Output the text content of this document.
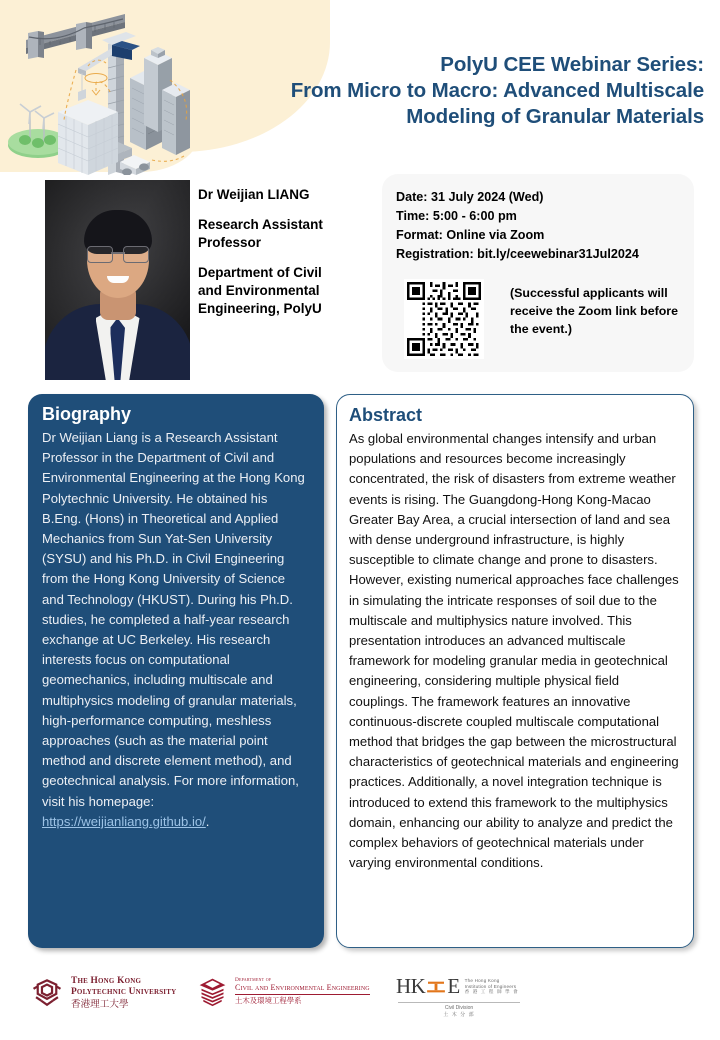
PolyU CEE Webinar Series:
From Micro to Macro: Advanced Multiscale
Modeling of Granular Materials

Dr Weijian LIANG

Research Assistant
Professor

Department of Civil
and Environmental
Engineering, PolyU

Date: 31 July 2024 (Wed)
Time: 5:00 - 6:00 pm
Format: Online via Zoom
Registration: bit.ly/ceewebinar31Jul2024
(Successful applicants will receive the Zoom link before the event.)
Biography

Dr Weijian Liang is a Research Assistant Professor in the Department of Civil and Environmental Engineering at the Hong Kong Polytechnic University. He obtained his B.Eng. (Hons) in Theoretical and Applied Mechanics from Sun Yat-Sen University (SYSU) and his Ph.D. in Civil Engineering from the Hong Kong University of Science and Technology (HKUST). During his Ph.D. studies, he completed a half-year research exchange at UC Berkeley. His research interests focus on computational geomechanics, including multiscale and multiphysics modeling of granular materials, high-performance computing, meshless approaches (such as the material point method and discrete element method), and geotechnical analysis. For more information, visit his homepage: https://weijianliang.github.io/.

Abstract

As global environmental changes intensify and urban populations and resources become increasingly concentrated, the risk of disasters from extreme weather events is rising. The Guangdong-Hong Kong-Macao Greater Bay Area, a crucial intersection of land and sea with dense underground infrastructure, is highly susceptible to climate change and prone to disasters. However, existing numerical approaches face challenges in simulating the intricate responses of soil due to the multiscale and multiphysics nature involved. This presentation introduces an advanced multiscale framework for modeling granular media in geotechnical engineering, considering multiple physical field couplings. The framework features an innovative continuous-discrete coupled multiscale computational method that bridges the gap between the microstructural characteristics of geotechnical materials and engineering practices. Additionally, a novel integration technique is introduced to extend this framework to the multiphysics domain, enhancing our ability to analyze and predict the complex behaviors of geotechnical materials under varying environmental conditions.

The Hong Kong
Polytechnic University
香港理工大學
Department of
Civil and Environmental Engineering
土木及環境工程學系
HK E The Hong Kong
Institution of Engineers
香 港 工 程 師 學 會
Civil Division
土 木 分 部
